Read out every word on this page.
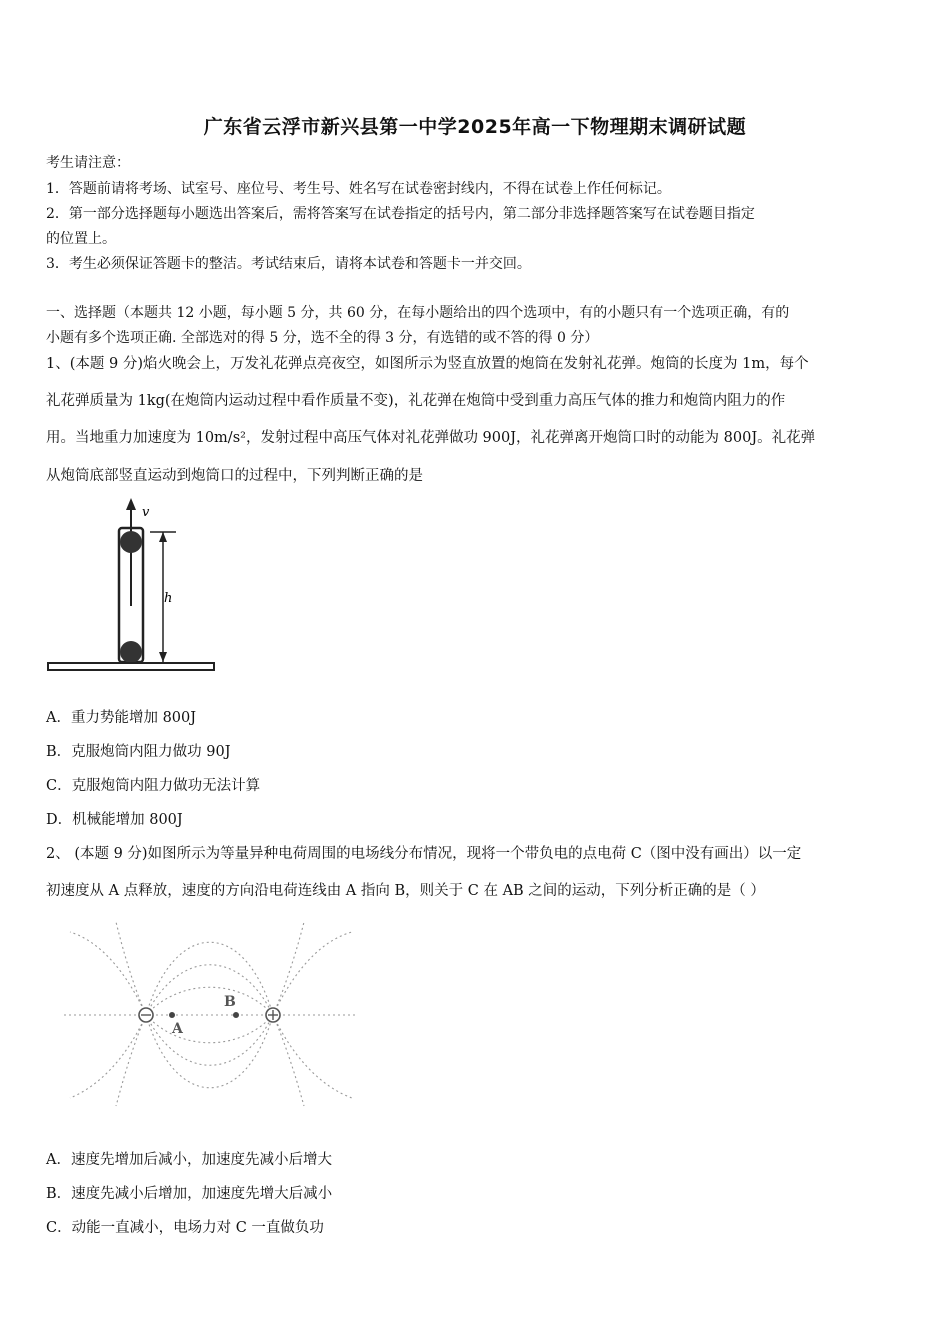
广东省云浮市新兴县第一中学2025年高一下物理期末调研试题
考生请注意：
1．答题前请将考场、试室号、座位号、考生号、姓名写在试卷密封线内，不得在试卷上作任何标记。
2．第一部分选择题每小题选出答案后，需将答案写在试卷指定的括号内，第二部分非选择题答案写在试卷题目指定
的位置上。
3．考生必须保证答题卡的整洁。考试结束后，请将本试卷和答题卡一并交回。
一、选择题（本题共 12 小题，每小题 5 分，共 60 分，在每小题给出的四个选项中，有的小题只有一个选项正确，有的
小题有多个选项正确. 全部选对的得 5 分，选不全的得 3 分，有选错的或不答的得 0 分）
1、(本题 9 分)焰火晚会上，万发礼花弹点亮夜空，如图所示为竖直放置的炮筒在发射礼花弹。炮筒的长度为 1m，每个
礼花弹质量为 1kg(在炮筒内运动过程中看作质量不变)，礼花弹在炮筒中受到重力高压气体的推力和炮筒内阻力的作
用。当地重力加速度为 10m/s²，发射过程中高压气体对礼花弹做功 900J，礼花弹离开炮筒口时的动能为 800J。礼花弹
从炮筒底部竖直运动到炮筒口的过程中，下列判断正确的是
v
h
A．重力势能增加 800J
B．克服炮筒内阻力做功 90J
C．克服炮筒内阻力做功无法计算
D．机械能增加 800J
2、 (本题 9 分)如图所示为等量异种电荷周围的电场线分布情况，现将一个带负电的点电荷 C（图中没有画出）以一定
初速度从 A 点释放，速度的方向沿电荷连线由 A 指向 B，则关于 C 在 AB 之间的运动，下列分析正确的是（ ）
A
B
A．速度先增加后减小，加速度先减小后增大
B．速度先减小后增加，加速度先增大后减小
C．动能一直减小，电场力对 C 一直做负功
